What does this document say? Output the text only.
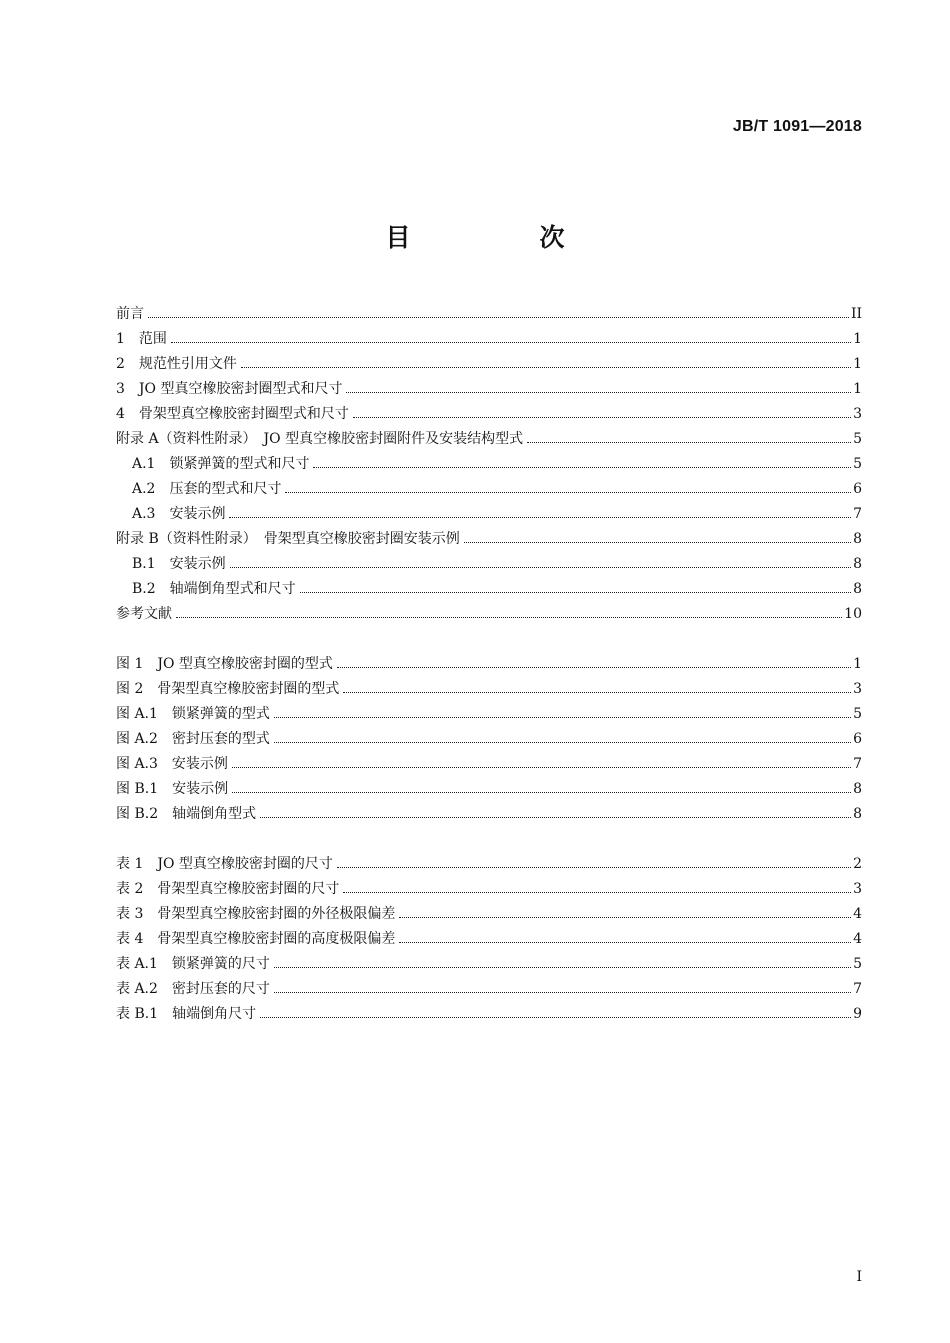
JB/T 1091—2018
目　次
前言	II
1　范围	1
2　规范性引用文件	1
3　JO 型真空橡胶密封圈型式和尺寸	1
4　骨架型真空橡胶密封圈型式和尺寸	3
附录 A（资料性附录）　JO 型真空橡胶密封圈附件及安装结构型式	5
A.1　锁紧弹簧的型式和尺寸	5
A.2　压套的型式和尺寸	6
A.3　安装示例	7
附录 B（资料性附录）　骨架型真空橡胶密封圈安装示例	8
B.1　安装示例	8
B.2　轴端倒角型式和尺寸	8
参考文献	10
图 1　JO 型真空橡胶密封圈的型式	1
图 2　骨架型真空橡胶密封圈的型式	3
图 A.1　锁紧弹簧的型式	5
图 A.2　密封压套的型式	6
图 A.3　安装示例	7
图 B.1　安装示例	8
图 B.2　轴端倒角型式	8
表 1　JO 型真空橡胶密封圈的尺寸	2
表 2　骨架型真空橡胶密封圈的尺寸	3
表 3　骨架型真空橡胶密封圈的外径极限偏差	4
表 4　骨架型真空橡胶密封圈的高度极限偏差	4
表 A.1　锁紧弹簧的尺寸	5
表 A.2　密封压套的尺寸	7
表 B.1　轴端倒角尺寸	9
I
